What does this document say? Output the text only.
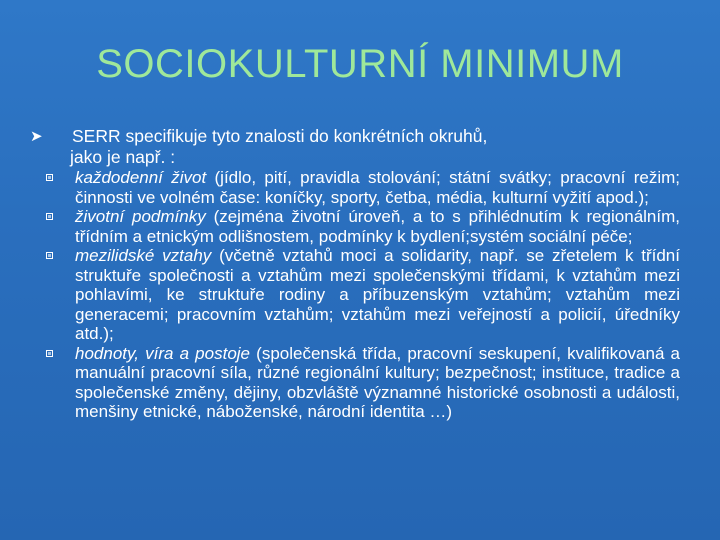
SOCIOKULTURNÍ MINIMUM
➤ SERR specifikuje tyto znalosti do konkrétních okruhů,
jako je např. :
každodenní život (jídlo, pití, pravidla stolování; státní svátky; pracovní režim; činnosti ve volném čase: koníčky, sporty, četba, média, kulturní vyžití apod.);
životní podmínky (zejména životní úroveň, a to s přihlédnutím k regionálním, třídním a etnickým odlišnostem, podmínky k bydlení;systém sociální péče;
mezilidské vztahy (včetně vztahů moci a solidarity, např. se zřetelem k třídní struktuře společnosti a vztahům mezi společenskými třídami, k vztahům mezi pohlavími, ke struktuře rodiny a příbuzenským vztahům; vztahům mezi generacemi; pracovním vztahům; vztahům mezi veřejností a policií, úředníky atd.);
hodnoty, víra a postoje (společenská třída, pracovní seskupení, kvalifikovaná a manuální pracovní síla, různé regionální kultury; bezpečnost; instituce, tradice a společenské změny, dějiny, obzvláště významné historické osobnosti a události, menšiny etnické, náboženské, národní identita …)
